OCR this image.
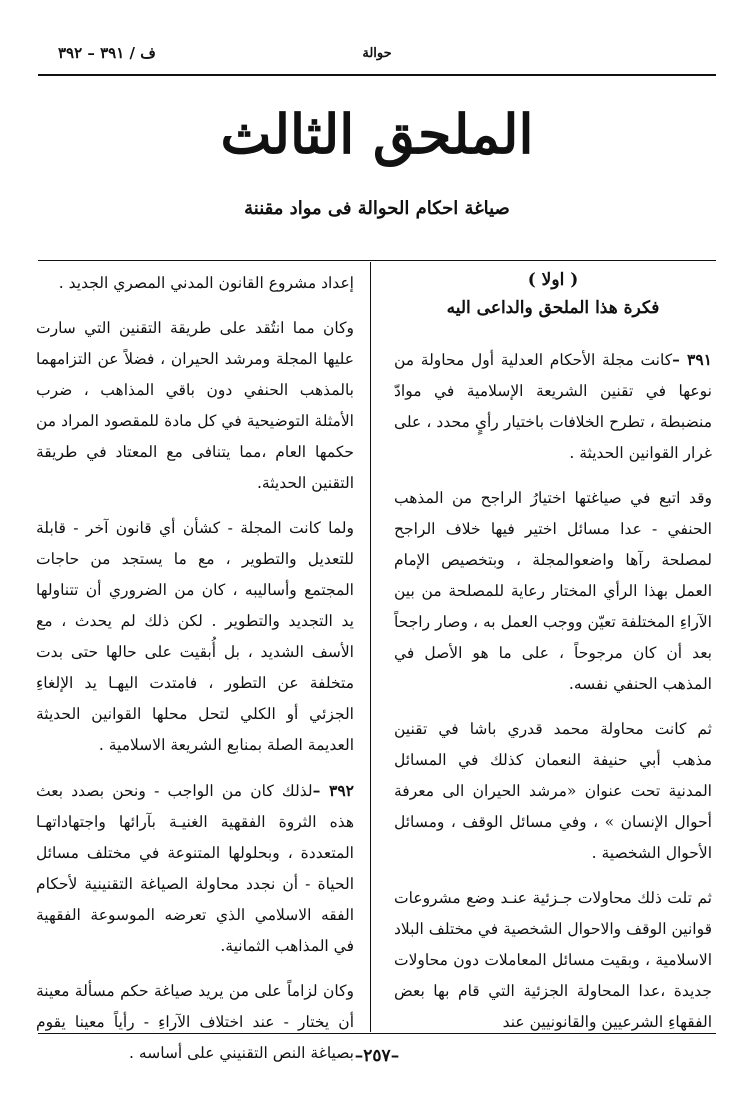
حوالة
ف / ٣٩١ – ٣٩٢
الملحق الثالث
صياغة احكام الحوالة فى مواد مقننة
( اولا )
فكرة هذا الملحق والداعى اليه

٣٩١ –كانت مجلة الأحكام العدلية أول محاولة من نوعها في تقنين الشريعة الإسلامية في موادّ منضبطة ، تطرح الخلافات باختيار رأيٍ محدد ، على غرار القوانين الحديثة .

وقد اتبع في صياغتها اختيارُ الراجح من المذهب الحنفي - عدا مسائل اختير فيها خلاف الراجح لمصلحة رآها واضعوالمجلة ، وبتخصيص الإمام العمل بهذا الرأي المختار رعاية للمصلحة من بين الآراءِ المختلفة تعيّن ووجب العمل به ، وصار راجحاً بعد أن كان مرجوحاً ، على ما هو الأصل في المذهب الحنفي نفسه.

ثم كانت محاولة محمد قدري باشا في تقنين مذهب أبي حنيفة النعمان كذلك في المسائل المدنية تحت عنوان «مرشد الحيران الى معرفة أحوال الإنسان » ، وفي مسائل الوقف ، ومسائل الأحوال الشخصية .

ثم تلت ذلك محاولات جـزئية عنـد وضع مشروعات قوانين الوقف والاحوال الشخصية في مختلف البلاد الاسلامية ، وبقيت مسائل المعاملات دون محاولات جديدة ،عدا المحاولة الجزئية التي قام بها بعض الفقهاءِ الشرعيين والقانونيين عند

إعداد مشروع القانون المدني المصري الجديد .

وكان مما انتُقد على طريقة التقنين التي سارت عليها المجلة ومرشد الحيران ، فضلاً عن التزامهما بالمذهب الحنفي دون باقي المذاهب ، ضرب الأمثلة التوضيحية في كل مادة للمقصود المراد من حكمها العام ،مما يتنافى مع المعتاد في طريقة التقنين الحديثة.

ولما كانت المجلة - كشأن أي قانون آخر - قابلة للتعديل والتطوير ، مع ما يستجد من حاجات المجتمع وأساليبه ، كان من الضروري أن تتناولها يد التجديد والتطوير . لكن ذلك لم يحدث ، مع الأسف الشديد ، بل أُبقيت على حالها حتى بدت متخلفة عن التطور ، فامتدت اليهـا يد الإلغاءِ الجزئي أو الكلي لتحل محلها القوانين الحديثة العديمة الصلة بمنابع الشريعة الاسلامية .

٣٩٢ –لذلك كان من الواجب - ونحن بصدد بعث هذه الثروة الفقهية الغنيـة بآرائها واجتهاداتهـا المتعددة ، وبحلولها المتنوعة في مختلف مسائل الحياة - أن نجدد محاولة الصياغة التقنينية لأحكام الفقه الاسلامي الذي تعرضه الموسوعة الفقهية في المذاهب الثمانية.

وكان لزاماً على من يريد صياغة حكم مسألة معينة أن يختار - عند اختلاف الآراءِ - رأياً معينا يقوم بصياغة النص التقنيني على أساسه . –٢٥٧–
